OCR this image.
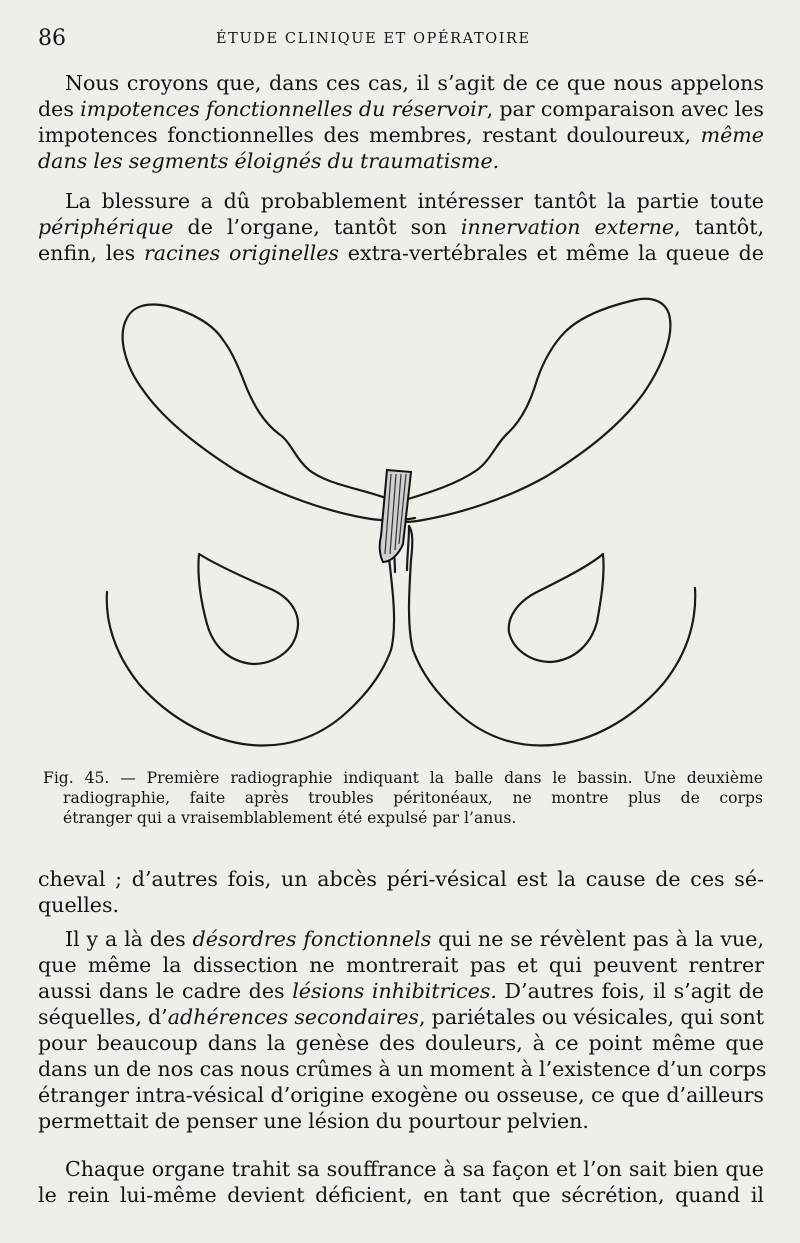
86	ÉTUDE CLINIQUE ET OPÉRATOIRE
Nous croyons que, dans ces cas, il s’agit de ce que nous appelons
des impotences fonctionnelles du réservoir, par comparaison avec les
impotences fonctionnelles des membres, restant douloureux, même
dans les segments éloignés du traumatisme.
La blessure a dû probablement intéresser tantôt la partie toute
périphérique de l’organe, tantôt son innervation externe, tantôt,
enfin, les racines originelles extra-vertébrales et même la queue de
Fig. 45. — Première radiographie indiquant la balle dans le bassin. Une deuxième
radiographie, faite après troubles péritonéaux, ne montre plus de corps
étranger qui a vraisemblablement été expulsé par l’anus.
cheval ; d’autres fois, un abcès péri-vésical est la cause de ces sé-
quelles.
Il y a là des désordres fonctionnels qui ne se révèlent pas à la vue,
que même la dissection ne montrerait pas et qui peuvent rentrer
aussi dans le cadre des lésions inhibitrices. D’autres fois, il s’agit de
séquelles, d’adhérences secondaires, pariétales ou vésicales, qui sont
pour beaucoup dans la genèse des douleurs, à ce point même que
dans un de nos cas nous crûmes à un moment à l’existence d’un corps
étranger intra-vésical d’origine exogène ou osseuse, ce que d’ailleurs
permettait de penser une lésion du pourtour pelvien.
Chaque organe trahit sa souffrance à sa façon et l’on sait bien que
le rein lui-même devient déficient, en tant que sécrétion, quand il
